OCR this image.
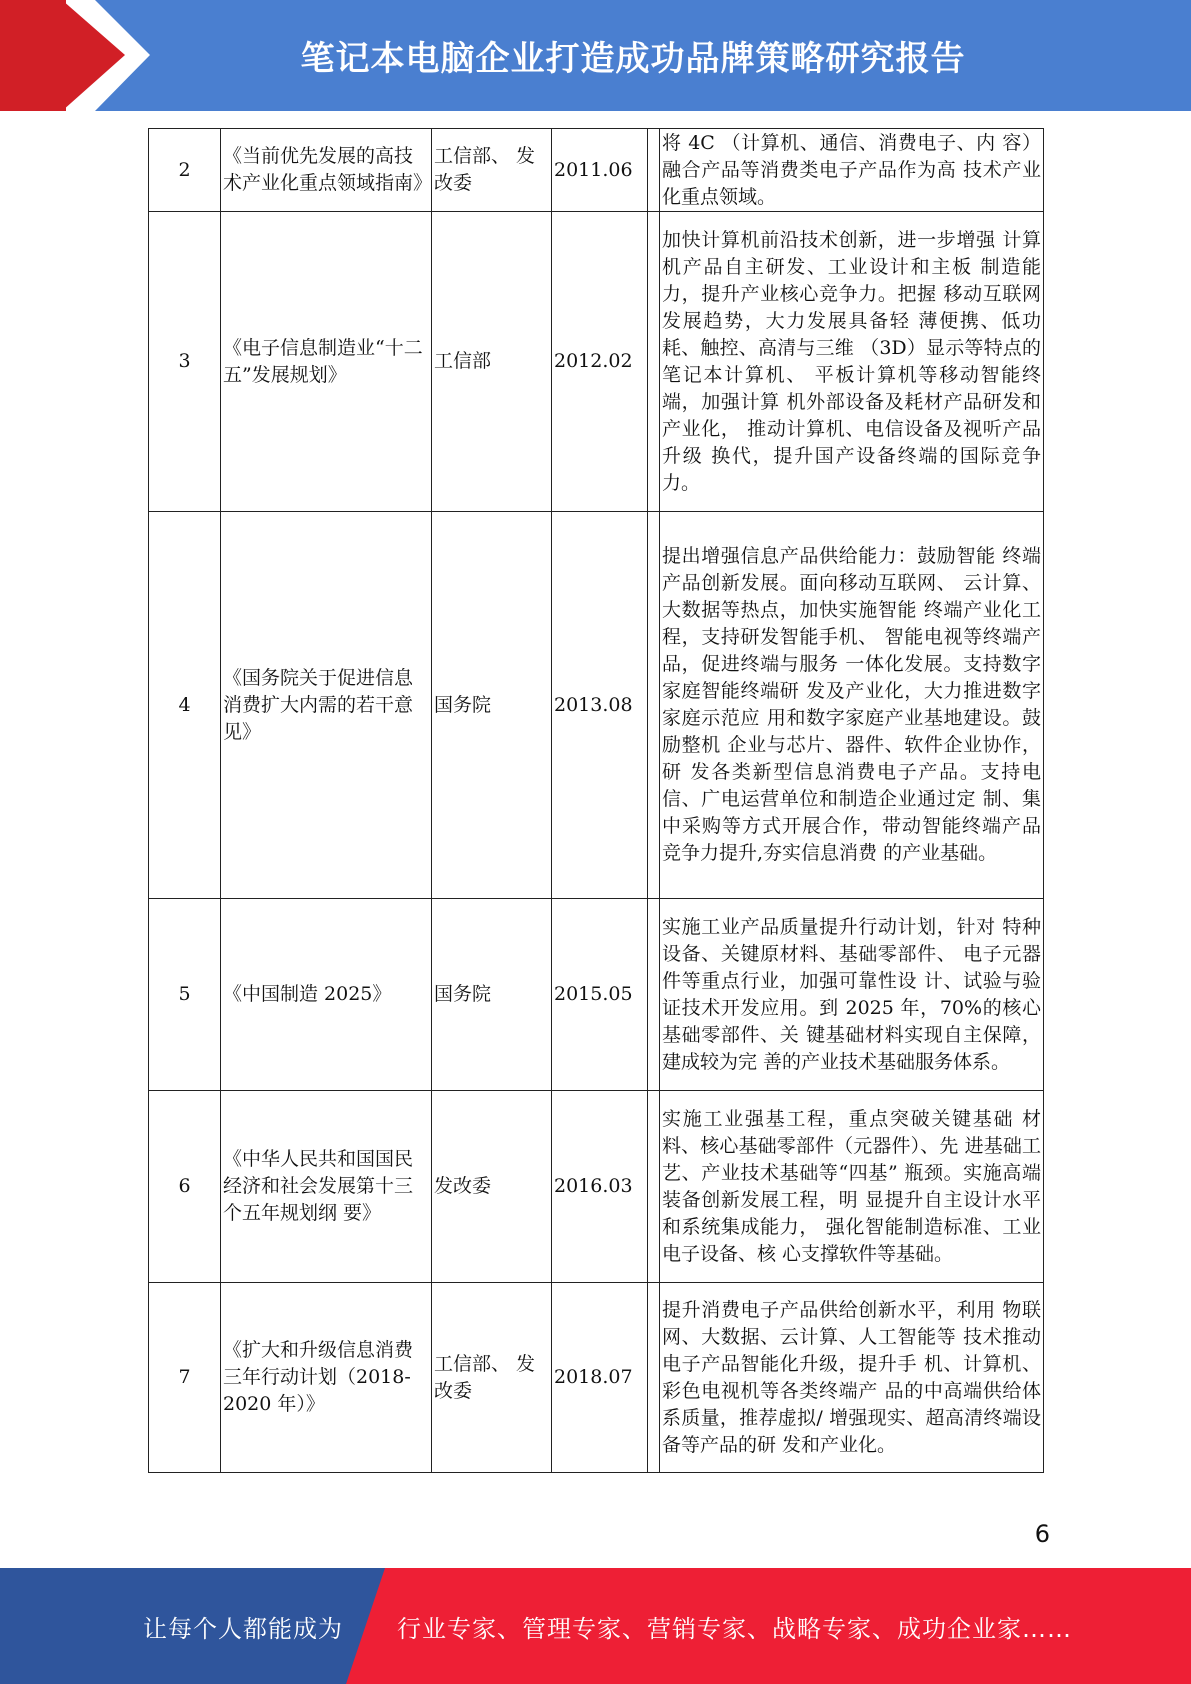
笔记本电脑企业打造成功品牌策略研究报告
2	《当前优先发展的高技术产业化重点领域指南》	工信部、 发改委	2011.06		将 4C （计算机、通信、消费电子、内 容）融合产品等消费类电子产品作为高 技术产业化重点领域。
3	《电子信息制造业“十二五”发展规划》	工信部	2012.02		加快计算机前沿技术创新，进一步增强 计算机产品自主研发、工业设计和主板 制造能力，提升产业核心竞争力。把握 移动互联网发展趋势，大力发展具备轻 薄便携、低功耗、触控、高清与三维 （3D）显示等特点的笔记本计算机、 平板计算机等移动智能终端，加强计算 机外部设备及耗材产品研发和产业化， 推动计算机、电信设备及视听产品升级 换代，提升国产设备终端的国际竞争 力。
4	《国务院关于促进信息消费扩大内需的若干意见》	国务院	2013.08		提出增强信息产品供给能力：鼓励智能 终端产品创新发展。面向移动互联网、 云计算、大数据等热点，加快实施智能 终端产业化工程，支持研发智能手机、 智能电视等终端产品，促进终端与服务 一体化发展。支持数字家庭智能终端研 发及产业化，大力推进数字家庭示范应 用和数字家庭产业基地建设。鼓励整机 企业与芯片、器件、软件企业协作，研 发各类新型信息消费电子产品。支持电 信、广电运营单位和制造企业通过定 制、集中采购等方式开展合作，带动智能终端产品竞争力提升,夯实信息消费 的产业基础。
5	《中国制造 2025》	国务院	2015.05		实施工业产品质量提升行动计划，针对 特种设备、关键原材料、基础零部件、 电子元器件等重点行业，加强可靠性设 计、试验与验证技术开发应用。到 2025 年，70%的核心基础零部件、关 键基础材料实现自主保障，建成较为完 善的产业技术基础服务体系。
6	《中华人民共和国国民经济和社会发展第十三个五年规划纲 要》	发改委	2016.03		实施工业强基工程，重点突破关键基础 材料、核心基础零部件（元器件）、先 进基础工艺、产业技术基础等“四基” 瓶颈。实施高端装备创新发展工程，明 显提升自主设计水平和系统集成能力， 强化智能制造标准、工业电子设备、核 心支撑软件等基础。
7	《扩大和升级信息消费三年行动计划（2018-2020 年）》	工信部、 发改委	2018.07		提升消费电子产品供给创新水平，利用 物联网、大数据、云计算、人工智能等 技术推动电子产品智能化升级，提升手 机、计算机、彩色电视机等各类终端产 品的中高端供给体系质量，推荐虚拟/ 增强现实、超高清终端设备等产品的研 发和产业化。
6
让每个人都能成为 行业专家、管理专家、营销专家、战略专家、成功企业家……
